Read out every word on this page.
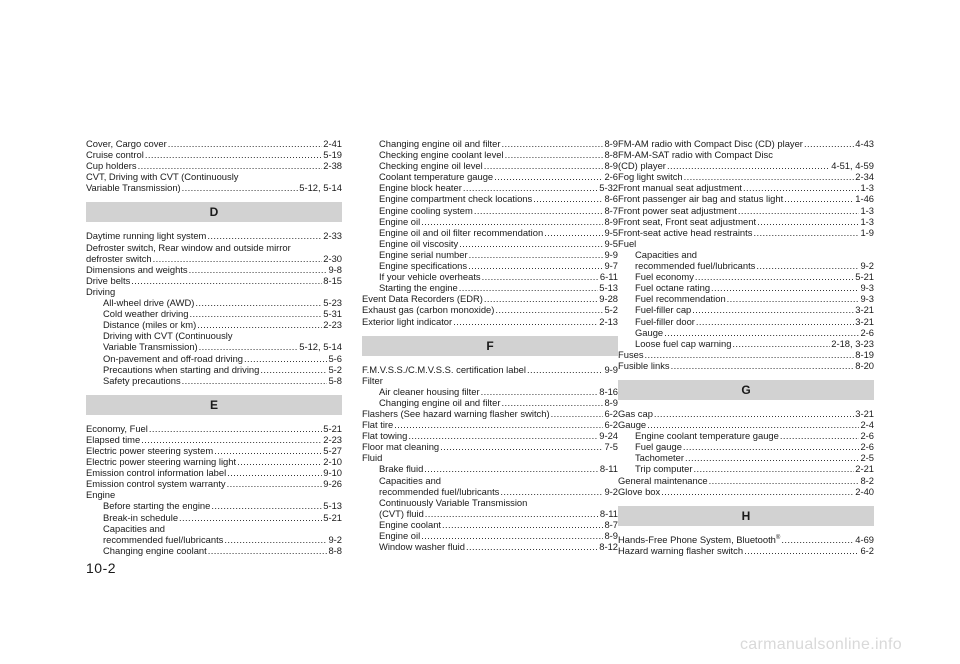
Cover, Cargo cover .....	2-41
Cruise control .....	5-19
Cup holders .....	2-38
CVT, Driving with CVT (Continuously
Variable Transmission) .....	5-12, 5-14
D
Daytime running light system .....	2-33
Defroster switch, Rear window and outside mirror
defroster switch .....	2-30
Dimensions and weights .....	9-8
Drive belts .....	8-15
Driving
All-wheel drive (AWD) .....	5-23
Cold weather driving .....	5-31
Distance (miles or km) .....	2-23
Driving with CVT (Continuously
Variable Transmission) .....	5-12, 5-14
On-pavement and off-road driving .....	5-6
Precautions when starting and driving .....	5-2
Safety precautions .....	5-8
E
Economy, Fuel .....	5-21
Elapsed time .....	2-23
Electric power steering system .....	5-27
Electric power steering warning light .....	2-10
Emission control information label .....	9-10
Emission control system warranty .....	9-26
Engine
Before starting the engine .....	5-13
Break-in schedule .....	5-21
Capacities and
recommended fuel/lubricants .....	9-2
Changing engine coolant .....	8-8
Changing engine oil and filter .....	8-9
Checking engine coolant level .....	8-8
Checking engine oil level .....	8-9
Coolant temperature gauge .....	2-6
Engine block heater .....	5-32
Engine compartment check locations .....	8-6
Engine cooling system .....	8-7
Engine oil .....	8-9
Engine oil and oil filter recommendation .....	9-5
Engine oil viscosity .....	9-5
Engine serial number .....	9-9
Engine specifications .....	9-7
If your vehicle overheats .....	6-11
Starting the engine .....	5-13
Event Data Recorders (EDR) .....	9-28
Exhaust gas (carbon monoxide) .....	5-2
Exterior light indicator .....	2-13
F
F.M.V.S.S./C.M.V.S.S. certification label .....	9-9
Filter
Air cleaner housing filter .....	8-16
Changing engine oil and filter .....	8-9
Flashers (See hazard warning flasher switch) .....	6-2
Flat tire .....	6-2
Flat towing .....	9-24
Floor mat cleaning .....	7-5
Fluid
Brake fluid .....	8-11
Capacities and
recommended fuel/lubricants .....	9-2
Continuously Variable Transmission
(CVT) fluid .....	8-11
Engine coolant .....	8-7
Engine oil .....	8-9
Window washer fluid .....	8-12
FM-AM radio with Compact Disc (CD) player .....	4-43
FM-AM-SAT radio with Compact Disc
(CD) player .....	4-51, 4-59
Fog light switch .....	2-34
Front manual seat adjustment .....	1-3
Front passenger air bag and status light .....	1-46
Front power seat adjustment .....	1-3
Front seat, Front seat adjustment .....	1-3
Front-seat active head restraints .....	1-9
Fuel
Capacities and
recommended fuel/lubricants .....	9-2
Fuel economy .....	5-21
Fuel octane rating .....	9-3
Fuel recommendation .....	9-3
Fuel-filler cap .....	3-21
Fuel-filler door .....	3-21
Gauge .....	2-6
Loose fuel cap warning .....	2-18, 3-23
Fuses .....	8-19
Fusible links .....	8-20
G
Gas cap .....	3-21
Gauge .....	2-4
Engine coolant temperature gauge .....	2-6
Fuel gauge .....	2-6
Tachometer .....	2-5
Trip computer .....	2-21
General maintenance .....	8-2
Glove box .....	2-40
H
Hands-Free Phone System, Bluetooth® .....	4-69
Hazard warning flasher switch .....	6-2
10-2
carmanualsonline.info
